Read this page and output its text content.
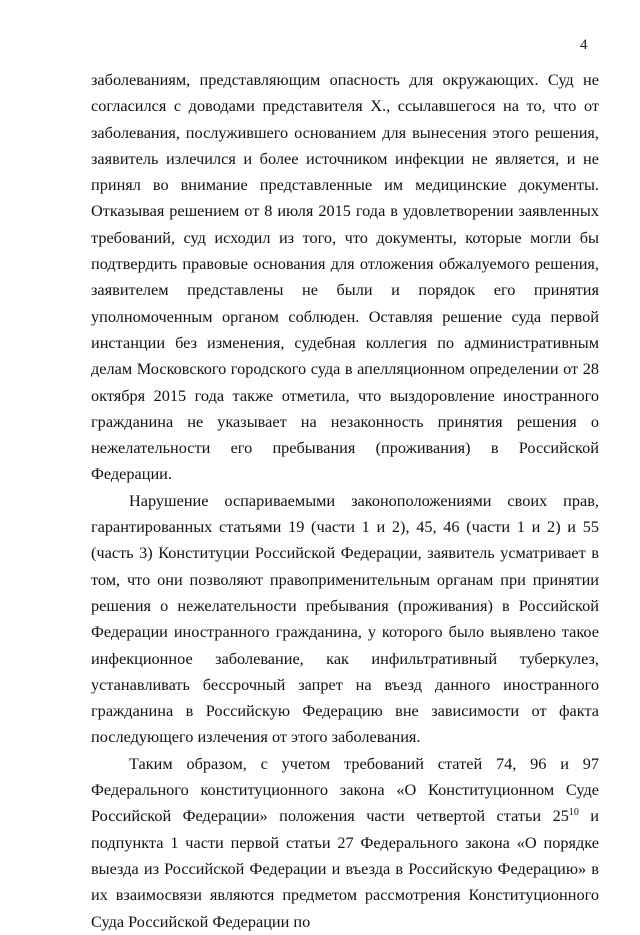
4

заболеваниям, представляющим опасность для окружающих. Суд не согласился с доводами представителя Х., ссылавшегося на то, что от заболевания, послужившего основанием для вынесения этого решения, заявитель излечился и более источником инфекции не является, и не принял во внимание представленные им медицинские документы. Отказывая решением от 8 июля 2015 года в удовлетворении заявленных требований, суд исходил из того, что документы, которые могли бы подтвердить правовые основания для отложения обжалуемого решения, заявителем представлены не были и порядок его принятия уполномоченным органом соблюден. Оставляя решение суда первой инстанции без изменения, судебная коллегия по административным делам Московского городского суда в апелляционном определении от 28 октября 2015 года также отметила, что выздоровление иностранного гражданина не указывает на незаконность принятия решения о нежелательности его пребывания (проживания) в Российской Федерации.

Нарушение оспариваемыми законоположениями своих прав, гарантированных статьями 19 (части 1 и 2), 45, 46 (части 1 и 2) и 55 (часть 3) Конституции Российской Федерации, заявитель усматривает в том, что они позволяют правоприменительным органам при принятии решения о нежелательности пребывания (проживания) в Российской Федерации иностранного гражданина, у которого было выявлено такое инфекционное заболевание, как инфильтративный туберкулез, устанавливать бессрочный запрет на въезд данного иностранного гражданина в Российскую Федерацию вне зависимости от факта последующего излечения от этого заболевания.

Таким образом, с учетом требований статей 74, 96 и 97 Федерального конституционного закона «О Конституционном Суде Российской Федерации» положения части четвертой статьи $25^{10}$ и подпункта 1 части первой статьи 27 Федерального закона «О порядке выезда из Российской Федерации и въезда в Российскую Федерацию» в их взаимосвязи являются предметом рассмотрения Конституционного Суда Российской Федерации по
